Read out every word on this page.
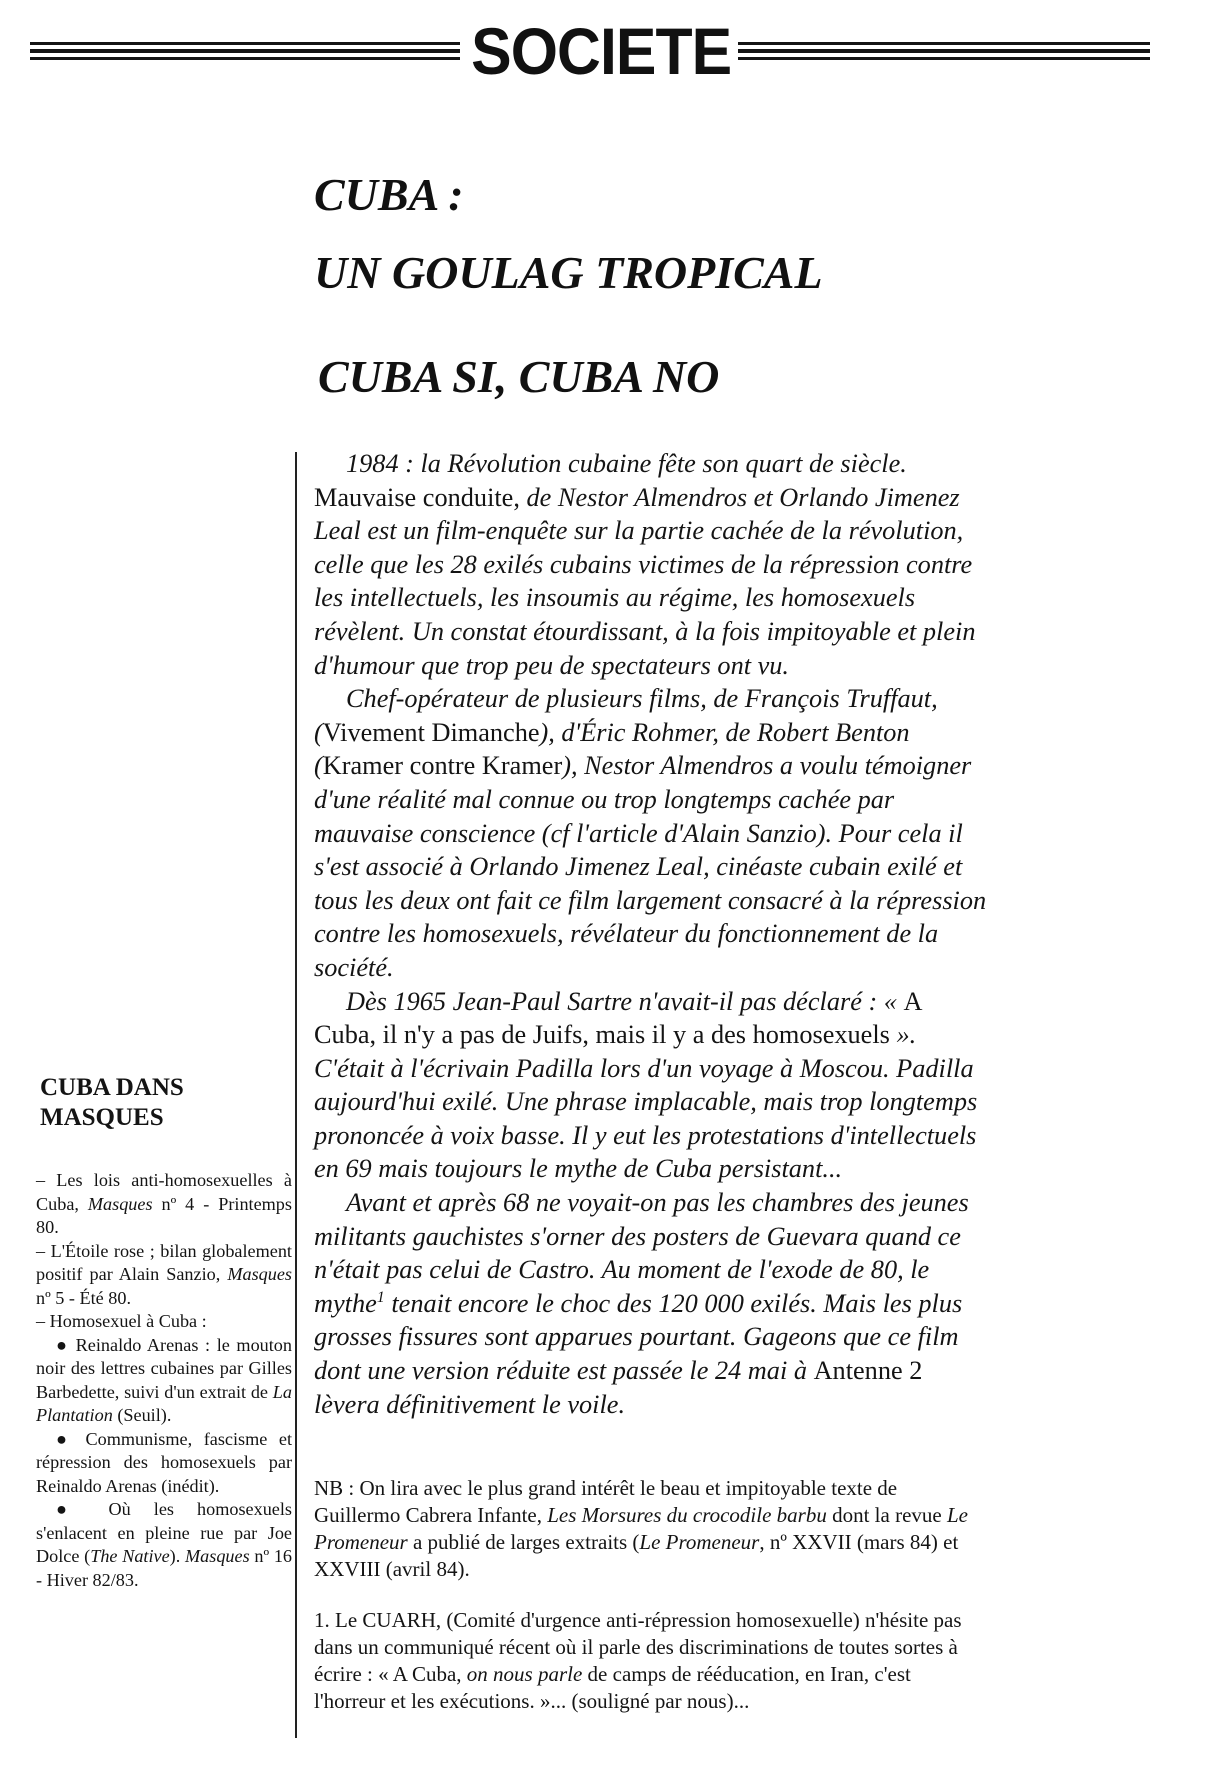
SOCIETE
CUBA :
UN GOULAG TROPICAL
CUBA SI, CUBA NO
CUBA DANS MASQUES

– Les lois anti-homosexuelles à Cuba, Masques nº 4 - Printemps 80.

– L'Étoile rose ; bilan globalement positif par Alain Sanzio, Masques nº 5 - Été 80.

– Homosexuel à Cuba :

● Reinaldo Arenas : le mouton noir des lettres cubaines par Gilles Barbedette, suivi d'un extrait de La Plantation (Seuil).

● Communisme, fascisme et répression des homosexuels par Reinaldo Arenas (inédit).

● Où les homosexuels s'enlacent en pleine rue par Joe Dolce (The Native). Masques nº 16 - Hiver 82/83.

1984 : la Révolution cubaine fête son quart de siècle.

Mauvaise conduite, de Nestor Almendros et Orlando Jimenez

Leal est un film-enquête sur la partie cachée de la révolution,

celle que les 28 exilés cubains victimes de la répression contre

les intellectuels, les insoumis au régime, les homosexuels

révèlent. Un constat étourdissant, à la fois impitoyable et plein

d'humour que trop peu de spectateurs ont vu.

Chef-opérateur de plusieurs films, de François Truffaut,

(Vivement Dimanche), d'Éric Rohmer, de Robert Benton

(Kramer contre Kramer), Nestor Almendros a voulu témoigner

d'une réalité mal connue ou trop longtemps cachée par

mauvaise conscience (cf l'article d'Alain Sanzio). Pour cela il

s'est associé à Orlando Jimenez Leal, cinéaste cubain exilé et

tous les deux ont fait ce film largement consacré à la répression

contre les homosexuels, révélateur du fonctionnement de la

société.

Dès 1965 Jean-Paul Sartre n'avait-il pas déclaré : « A

Cuba, il n'y a pas de Juifs, mais il y a des homosexuels ».

C'était à l'écrivain Padilla lors d'un voyage à Moscou. Padilla

aujourd'hui exilé. Une phrase implacable, mais trop longtemps

prononcée à voix basse. Il y eut les protestations d'intellectuels

en 69 mais toujours le mythe de Cuba persistant...

Avant et après 68 ne voyait-on pas les chambres des jeunes

militants gauchistes s'orner des posters de Guevara quand ce

n'était pas celui de Castro. Au moment de l'exode de 80, le

mythe$^1$ tenait encore le choc des 120 000 exilés. Mais les plus

grosses fissures sont apparues pourtant. Gageons que ce film

dont une version réduite est passée le 24 mai à Antenne 2

lèvera définitivement le voile.

NB : On lira avec le plus grand intérêt le beau et impitoyable texte de

Guillermo Cabrera Infante, Les Morsures du crocodile barbu dont la revue Le

Promeneur a publié de larges extraits (Le Promeneur, nº XXVII (mars 84) et

XXVIII (avril 84).

1. Le CUARH, (Comité d'urgence anti-répression homosexuelle) n'hésite pas

dans un communiqué récent où il parle des discriminations de toutes sortes à

écrire : « A Cuba, on nous parle de camps de rééducation, en Iran, c'est

l'horreur et les exécutions. »... (souligné par nous)...
